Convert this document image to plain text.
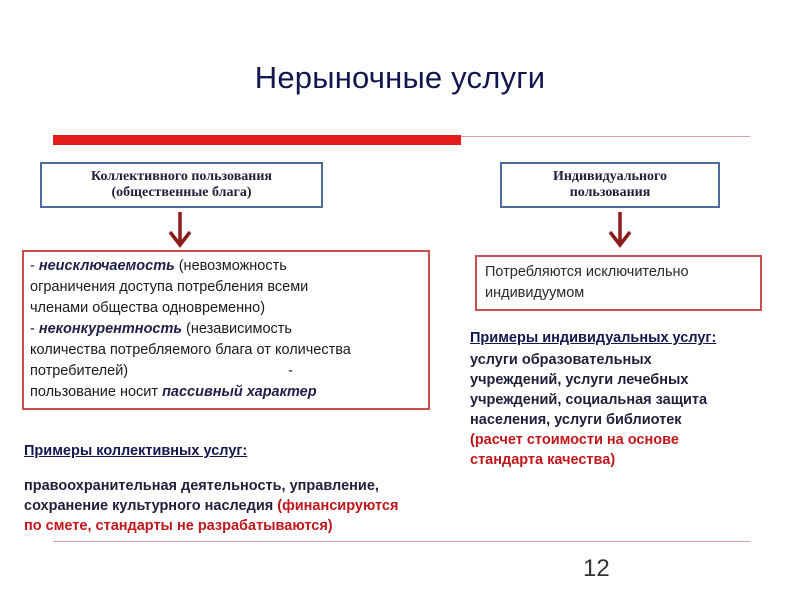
Нерыночные услуги
Коллективного пользования
(общественные блага)
Индивидуального
пользования
- неисключаемость (невозможность
ограничения доступа потребления всеми
членами общества одновременно)
- неконкурентность (независимость
количества потребляемого блага от количества
потребителей)	-
пользование носит пассивный характер
Потребляются исключительно
индивидуумом
Примеры индивидуальных услуг:
услуги образовательных
учреждений, услуги лечебных
учреждений, социальная защита
населения, услуги библиотек
(расчет стоимости на основе
стандарта качества)
Примеры коллективных услуг:
правоохранительная деятельность, управление,
сохранение культурного наследия (финансируются
по смете, стандарты не разрабатываются)
12
